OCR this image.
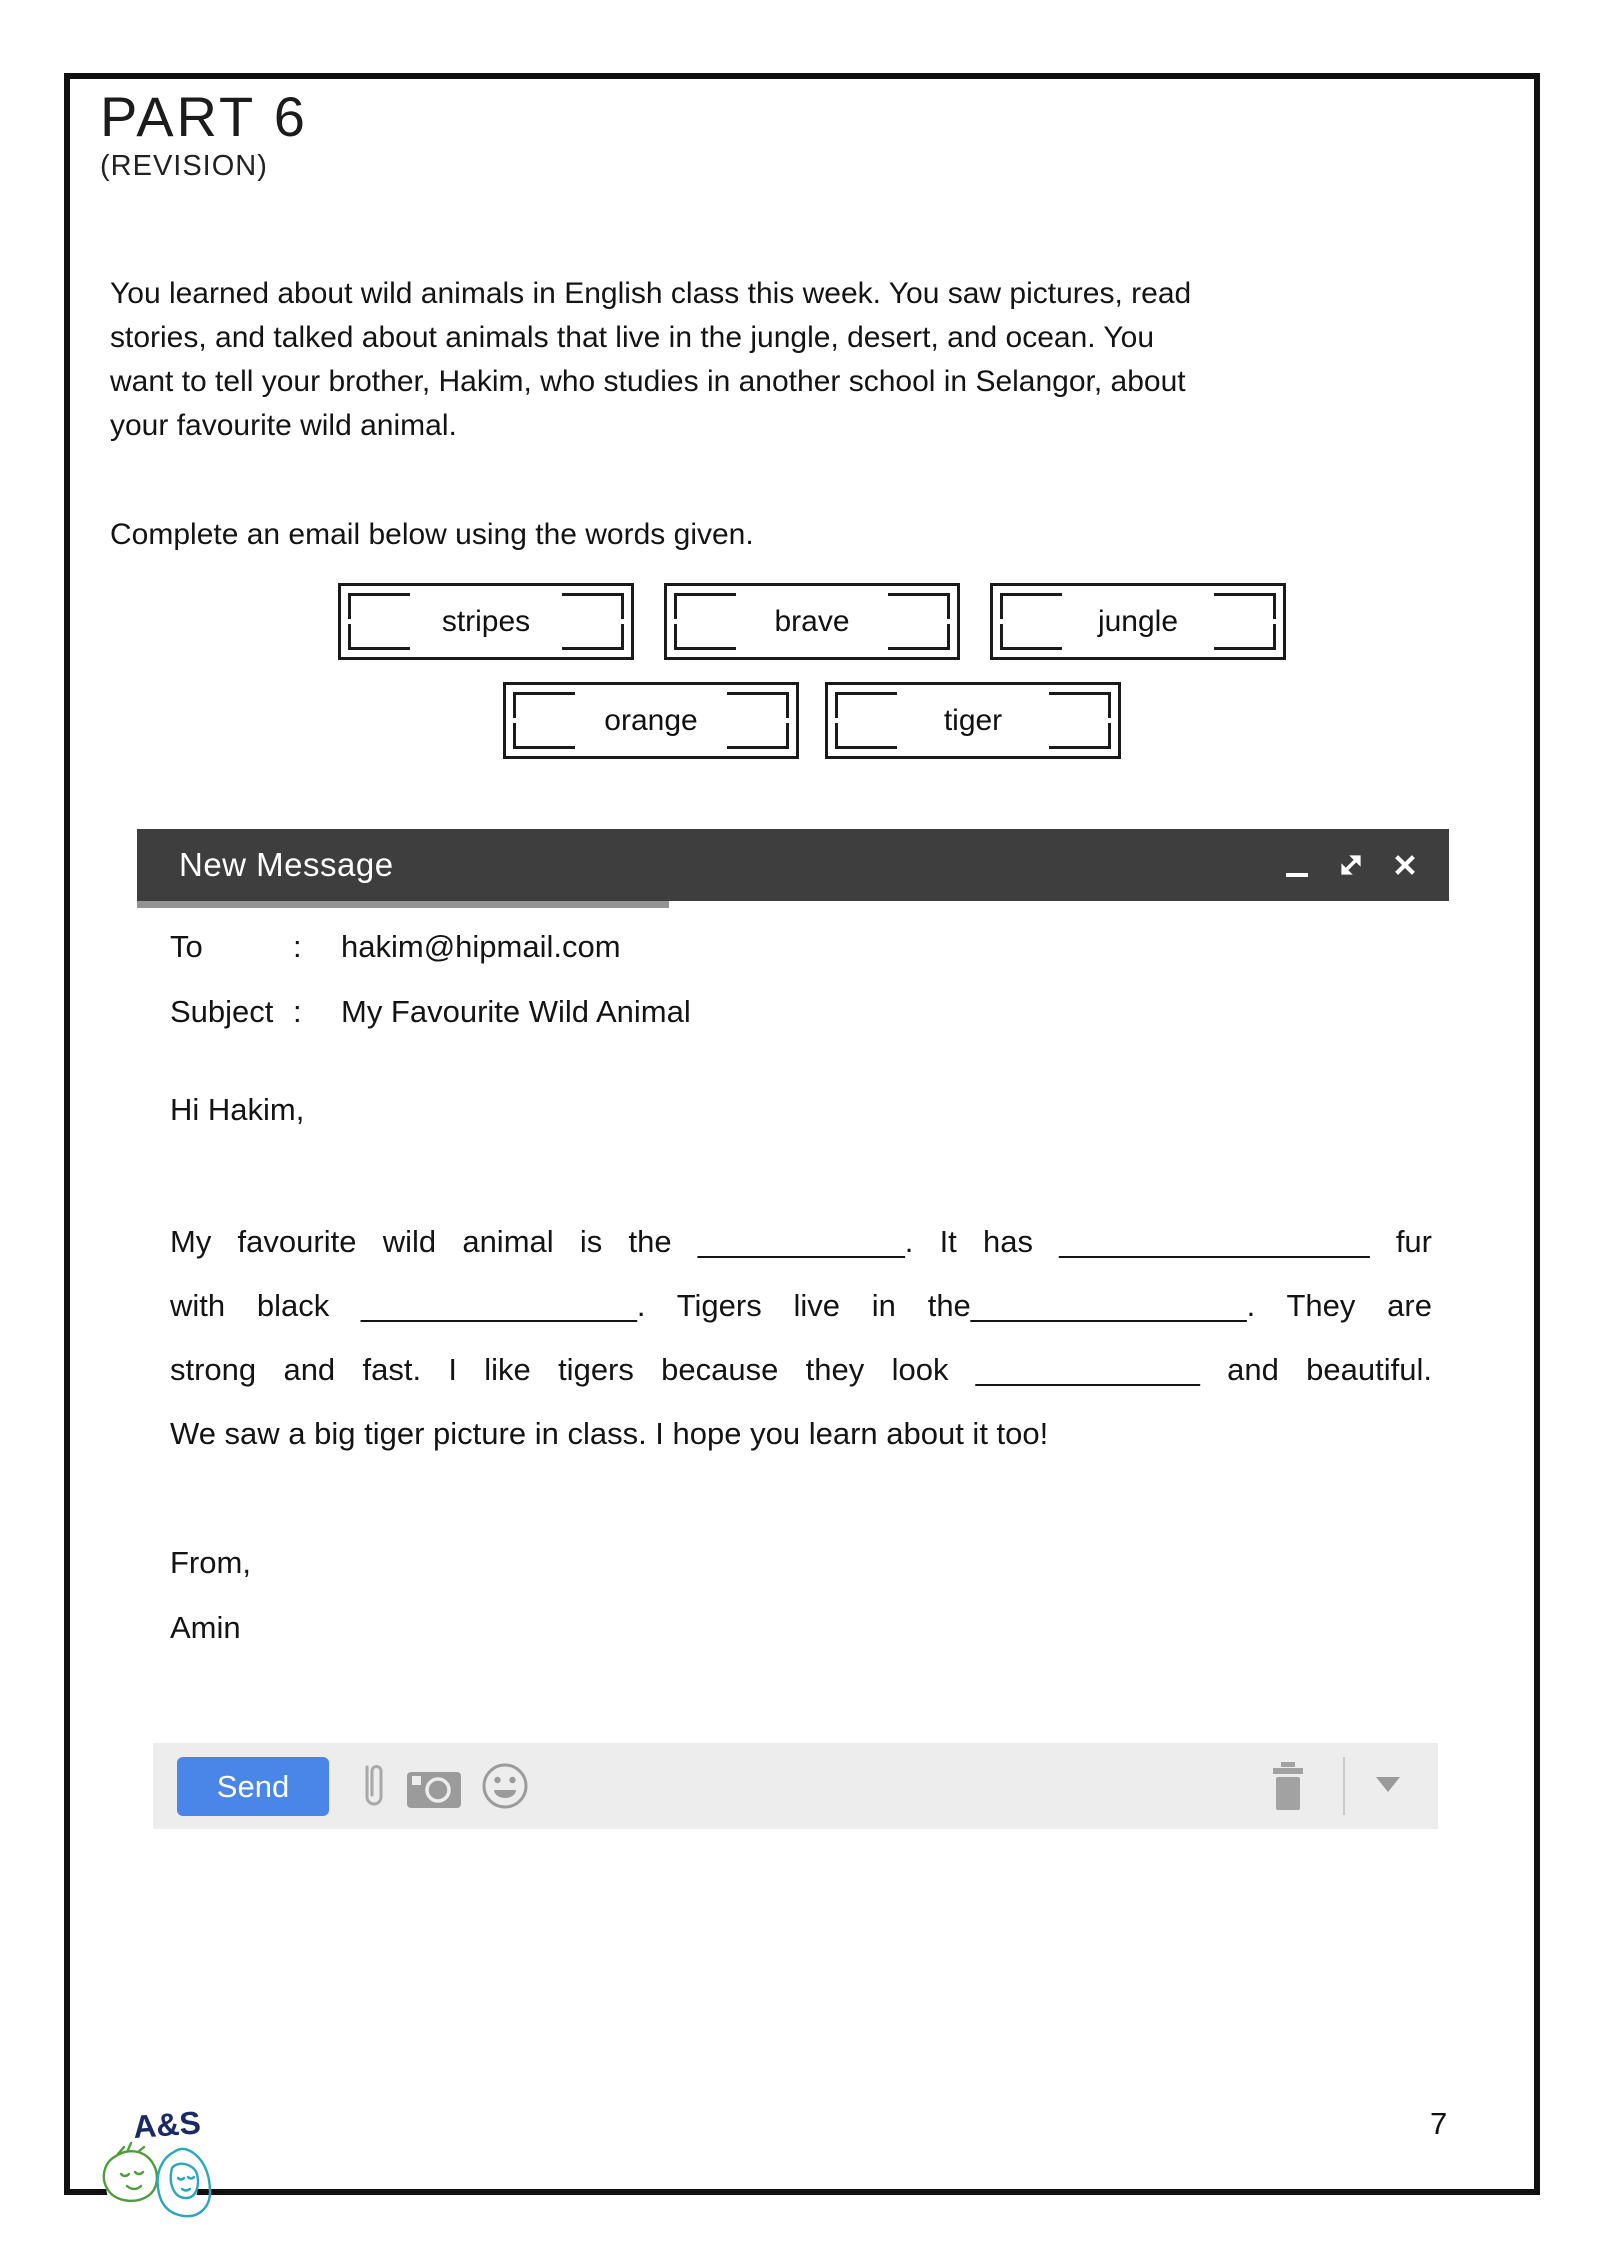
PART 6
(REVISION)
You learned about wild animals in English class this week. You saw pictures, read
stories, and talked about animals that live in the jungle, desert, and ocean. You
want to tell your brother, Hakim, who studies in another school in Selangor, about
your favourite wild animal.
Complete an email below using the words given.
stripes	brave	jungle
orange	tiger
New Message
To	:	hakim@hipmail.com
Subject :	My Favourite Wild Animal
Hi Hakim,
My favourite wild animal is the ____________. It has __________________ fur
with black ________________. Tigers live in the________________. They are
strong and fast. I like tigers because they look _____________ and beautiful.
We saw a big tiger picture in class. I hope you learn about it too!
From,
Amin
Send
A&S	7
